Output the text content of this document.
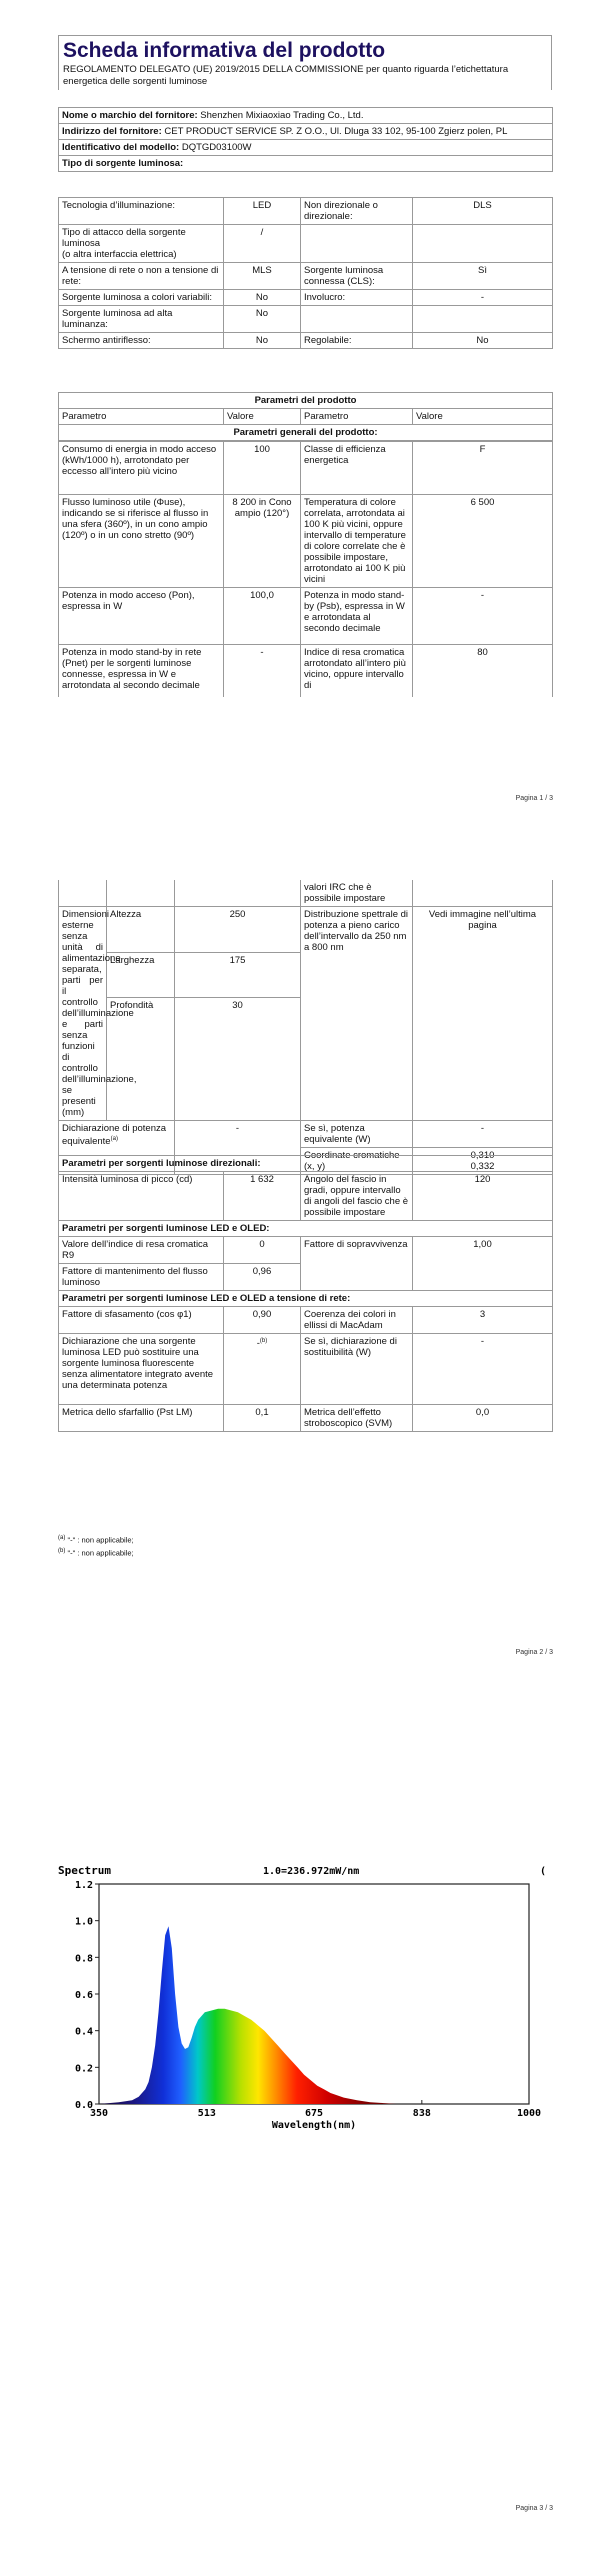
Scheda informativa del prodotto
REGOLAMENTO DELEGATO (UE) 2019/2015 DELLA COMMISSIONE per quanto riguarda l’etichettatura energetica delle sorgenti luminose
Nome o marchio del fornitore: Shenzhen Mixiaoxiao Trading Co., Ltd.
Indirizzo del fornitore: CET PRODUCT SERVICE SP. Z O.O., Ul. Dluga 33 102, 95-100 Zgierz polen, PL
Identificativo del modello: DQTGD03100W
Tipo di sorgente luminosa:
Tecnologia d’illuminazione:	LED	Non direzionale o direzionale:	DLS
Tipo di attacco della sorgente luminosa
(o altra interfaccia elettrica)	/		
A tensione di rete o non a tensione di rete:	MLS	Sorgente luminosa connessa (CLS):	Sì
Sorgente luminosa a colori variabili:	No	Involucro:	-
Sorgente luminosa ad alta luminanza:	No		
Schermo antiriflesso:	No	Regolabile:	No
Parametri del prodotto
Parametro	Valore	Parametro	Valore
Parametri generali del prodotto:
Consumo di energia in modo acceso (kWh/1000 h), arrotondato per eccesso all’intero più vicino	100	Classe di efficienza energetica	F
Flusso luminoso utile (Φuse), indicando se si riferisce al flusso in una sfera (360º), in un cono ampio (120º) o in un cono stretto (90º)	8 200 in Cono ampio (120°)	Temperatura di colore correlata, arrotondata ai 100 K più vicini, oppure intervallo di temperature di colore correlate che è possibile impostare, arrotondato ai 100 K più vicini	6 500
Potenza in modo acceso (Pon), espressa in W	100,0	Potenza in modo stand-by (Psb), espressa in W e arrotondata al secondo decimale	-
Potenza in modo stand-by in rete (Pnet) per le sorgenti luminose connesse, espressa in W e arrotondata al secondo decimale	-	Indice di resa cromatica arrotondato all’intero più vicino, oppure intervallo di	80
Pagina 1 / 3
			valori IRC che è possibile impostare	
Dimensioni esterne senza unità di alimentazione separata, parti per il controllo dell’illuminazione e parti senza funzioni di controllo dell’illuminazione, se presenti (mm)	Altezza	250	Distribuzione spettrale di potenza a pieno carico dell’intervallo da 250 nm a 800 nm	Vedi immagine nell’ultima pagina
	Larghezza	175		
	Profondità	30		
Dichiarazione di potenza equivalente$^{(a)}$		-	Se sì, potenza equivalente (W)	-
			Coordinate cromatiche (x, y)	0,310
0,332
Parametri per sorgenti luminose direzionali:			
Intensità luminosa di picco (cd)	1 632	Angolo del fascio in gradi, oppure intervallo di angoli del fascio che è possibile impostare	120
Parametri per sorgenti luminose LED e OLED:			
Valore dell’indice di resa cromatica R9	0	Fattore di sopravvivenza	1,00
Fattore di mantenimento del flusso luminoso	0,96		
Parametri per sorgenti luminose LED e OLED a tensione di rete:			
Fattore di sfasamento (cos φ1)	0,90	Coerenza dei colori in ellissi di MacAdam	3
Dichiarazione che una sorgente luminosa LED può sostituire una sorgente luminosa fluorescente senza alimentatore integrato avente una determinata potenza	-$^{(b)}$	Se sì, dichiarazione di sostituibilità (W)	-
Metrica dello sfarfallio (Pst LM)	0,1	Metrica dell’effetto stroboscopico (SVM)	0,0
$^{(a)}$ "-" : non applicabile;
$^{(b)}$ "-" : non applicabile;
Pagina 2 / 3
Spectrum	1.0=236.972mW/nm	(
0.0
0.2
0.4
0.6
0.8
1.0
1.2
350	513	675	838	1000
Wavelength(nm)
Pagina 3 / 3
